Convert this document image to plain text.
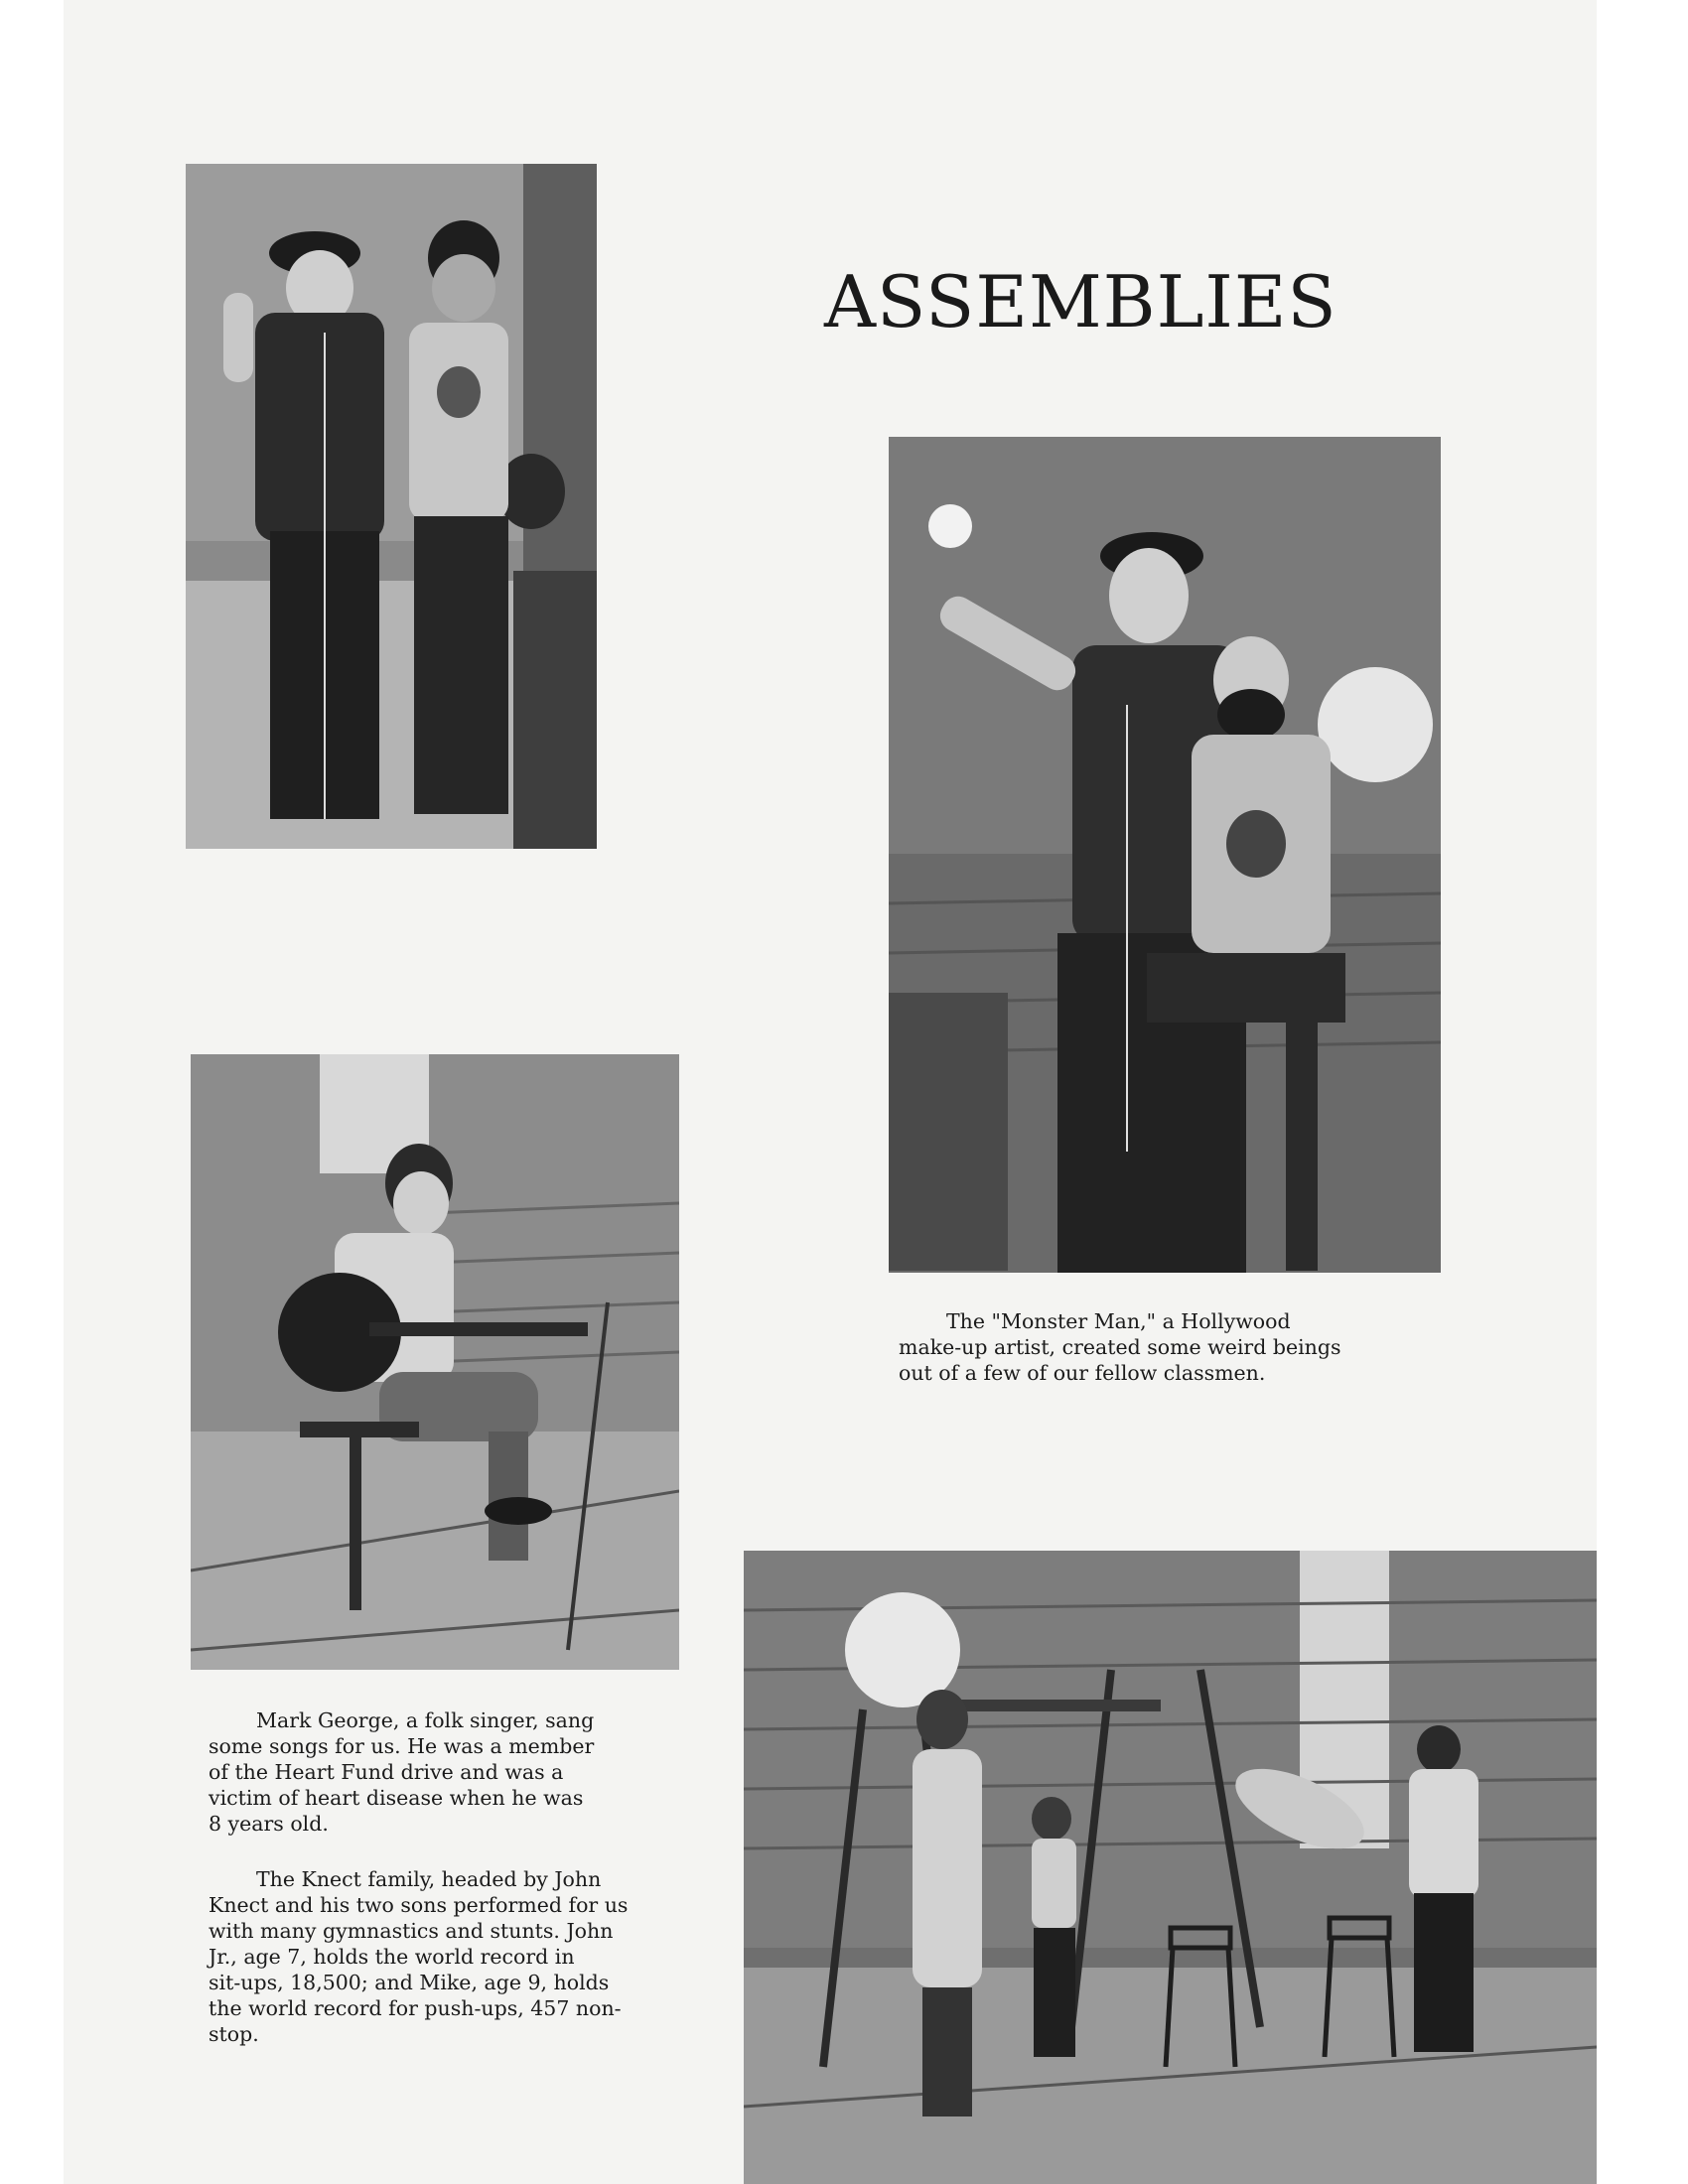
ASSEMBLIES
The "Monster Man," a Hollywood
make-up artist, created some weird beings
out of a few of our fellow classmen.
Mark George, a folk singer, sang
some songs for us. He was a member
of the Heart Fund drive and was a
victim of heart disease when he was
8 years old.
The Knect family, headed by John
Knect and his two sons performed for us
with many gymnastics and stunts. John
Jr., age 7, holds the world record in
sit-ups, 18,500; and Mike, age 9, holds
the world record for push-ups, 457 non-
stop.
